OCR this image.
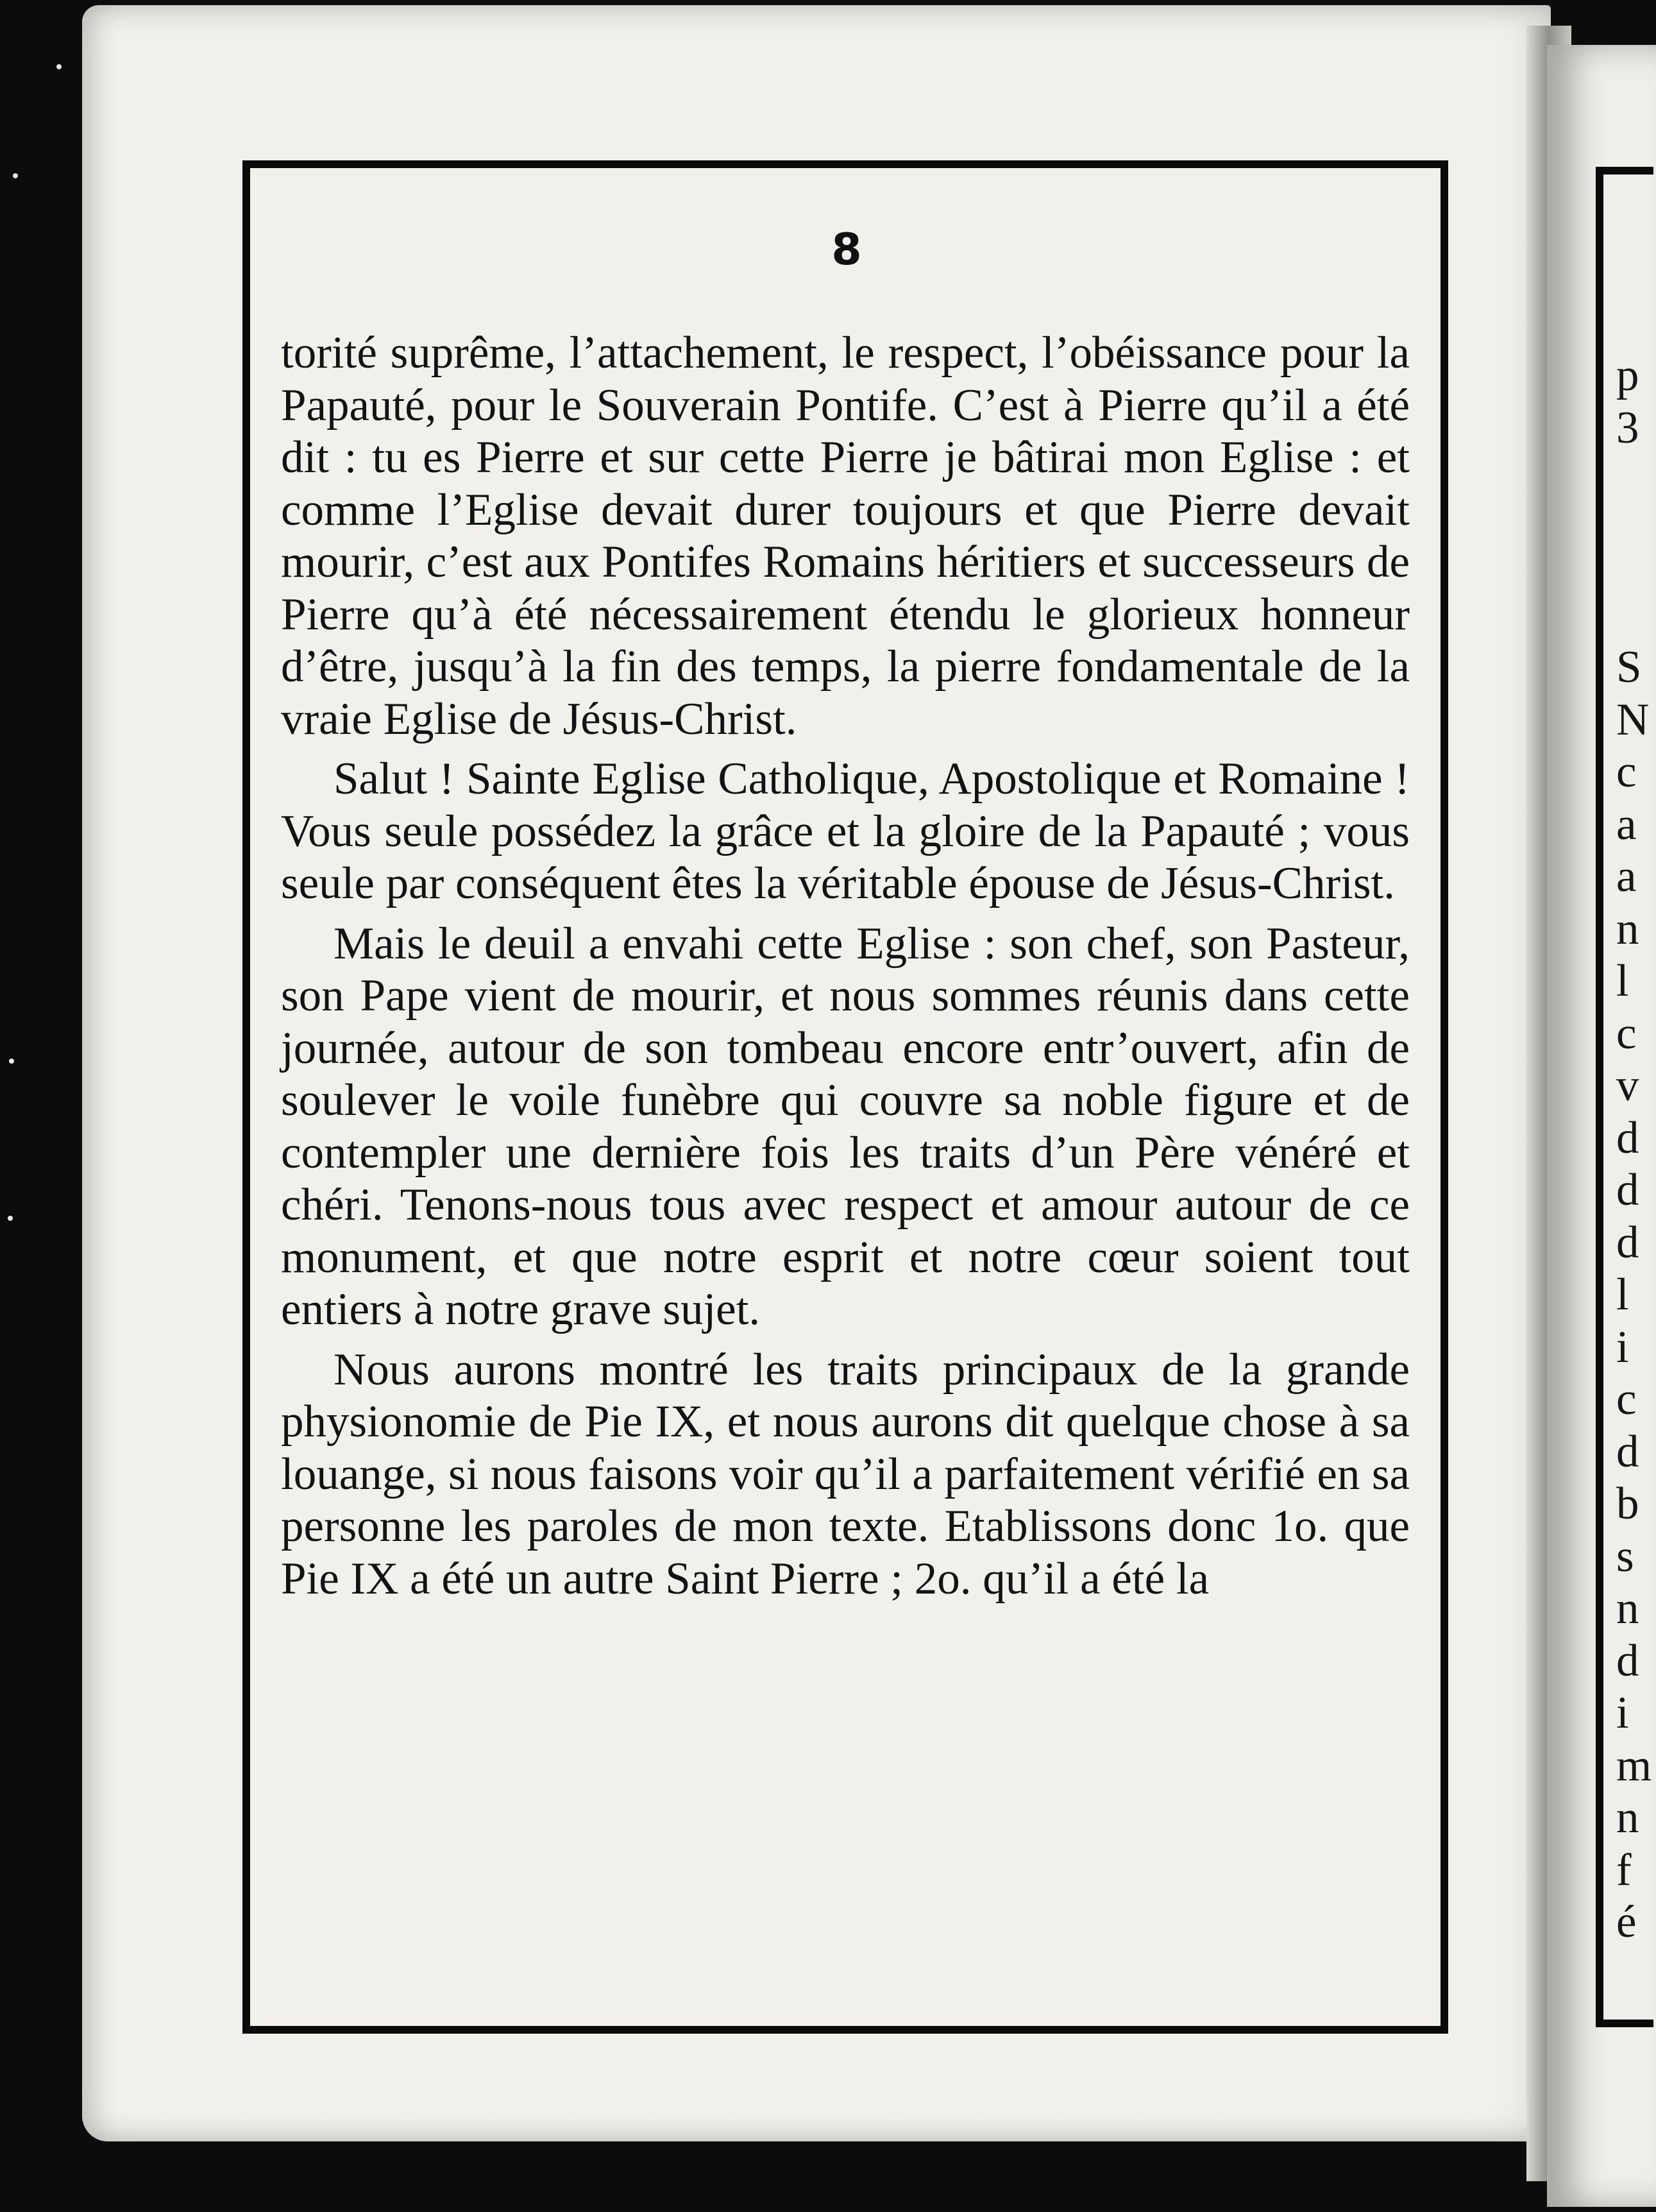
8

torité suprême, l’attachement, le respect, l’obéissance pour la Papauté, pour le Souverain Pontife. C’est à Pierre qu’il a été dit : tu es Pierre et sur cette Pierre je bâtirai mon Eglise : et comme l’Eglise devait durer toujours et que Pierre devait mourir, c’est aux Pontifes Romains héritiers et successeurs de Pierre qu’à été nécessairement étendu le glorieux honneur d’être, jusqu’à la fin des temps, la pierre fondamentale de la vraie Eglise de Jésus-Christ.

Salut ! Sainte Eglise Catholique, Apostolique et Romaine ! Vous seule possédez la grâce et la gloire de la Papauté ; vous seule par conséquent êtes la véritable épouse de Jésus-Christ.

Mais le deuil a envahi cette Eglise : son chef, son Pasteur, son Pape vient de mourir, et nous sommes réunis dans cette journée, autour de son tombeau encore entr’ouvert, afin de soulever le voile funèbre qui couvre sa noble figure et de contempler une dernière fois les traits d’un Père vénéré et chéri. Tenons-nous tous avec respect et amour autour de ce monument, et que notre esprit et notre cœur soient tout entiers à notre grave sujet.

Nous aurons montré les traits principaux de la grande physionomie de Pie IX, et nous aurons dit quelque chose à sa louange, si nous faisons voir qu’il a parfaitement vérifié en sa personne les paroles de mon texte. Etablissons donc 1o. que Pie IX a été un autre Saint Pierre ; 2o. qu’il a été la

p
3
S
N
c
a
a
n
l
c
v
d
d
d
l
i
c
d
b
s
n
d
i
m
n
f
é
